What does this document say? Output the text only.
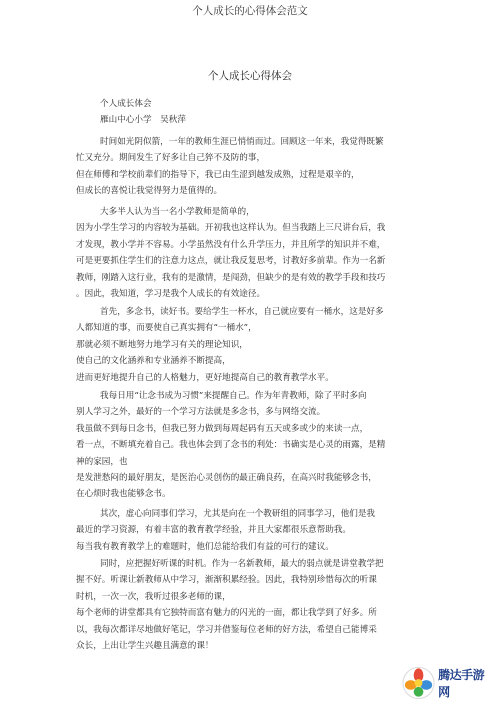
个人成长的心得体会范文
个人成长心得体会

个人成长体会

雁山中心小学　吴秋萍

时间如光阴似箭，一年的教师生涯已悄悄而过。回顾这一年来，我觉得既繁

忙又充分。期间发生了好多让自己猝不及防的事，

但在师傅和学校前辈们的指导下，我已由生涩到越发成熟，过程是艰辛的，

但成长的喜悦让我觉得努力是值得的。

大多半人认为当一名小学教师是简单的，

因为小学生学习的内容较为基础。开初我也这样认为。但当我踏上三尺讲台后，我

才发现，教小学并不容易。小学虽然没有什么升学压力，并且所学的知识并不难，

可是更要抓住学生们的注意力这点，就让我反复思考，讨教好多前辈。作为一名新

教师，刚踏入这行业，我有的是激情，是闯劲，但缺少的是有效的教学手段和技巧

。因此，我知道，学习是我个人成长的有效途径。

首先，多念书，读好书。要给学生一杯水，自己就应要有一桶水，这是好多

人都知道的事，而要使自己真实拥有“一桶水”，

那就必须不断地努力地学习有关的理论知识，

使自己的文化涵养和专业涵养不断提高，

进而更好地提升自己的人格魅力，更好地提高自己的教育教学水平。

我每日用“让念书成为习惯”来提醒自己。作为年青教师，除了平时多向

别人学习之外，最好的一个学习方法就是多念书，多与网络交流。

我虽做不到每日念书，但我已努力做到每周起码有五天或多或少的来读一点，

看一点，不断填充着自己。我也体会到了念书的利处：书确实是心灵的雨露，是精

神的家园，也

是发泄愁闷的最好朋友，是医治心灵创伤的最正确良药，在高兴时我能够念书，

在心烦时我也能够念书。

其次，虚心向同事们学习，尤其是向在一个教研组的同事学习，他们是我

最近的学习资源，有着丰富的教育教学经验，并且大家都很乐意帮助我。

每当我有教育教学上的难题时，他们总能给我们有益的可行的建议。

同时，应把握好听课的时机。作为一名新教师，最大的弱点就是讲堂教学把

握不好。听课让新教师从中学习，渐渐积累经验。因此，我特别珍惜每次的听课

时机，一次一次，我听过很多老师的课，

每个老师的讲堂都具有它独特而富有魅力的闪光的一面，都让我学到了好多。所

以，我每次都详尽地做好笔记，学习并借鉴每位老师的好方法，希望自己能博采

众长，上出让学生兴趣且满意的课！

腾达手游网
